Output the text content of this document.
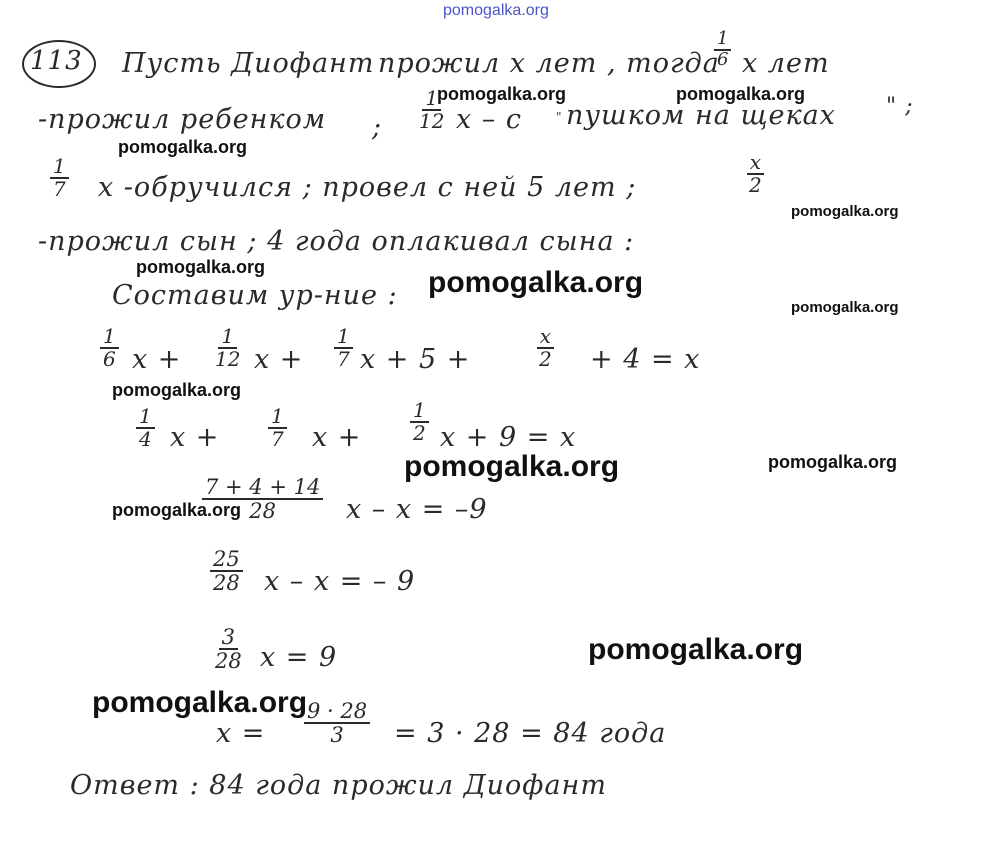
pomogalka.org
pomogalka.org	pomogalka.org
pomogalka.org
pomogalka.org
pomogalka.org	pomogalka.org
pomogalka.org
pomogalka.org
pomogalka.org	pomogalka.org
pomogalka.org
pomogalka.org
pomogalka.org
113 Пусть Диофант прожил x лет , тогда
$\frac{1}{6}$ x лет
-прожил ребенком ; $\frac{1}{12}$ x – с	" пушком на щеках " ;
$\frac{1}{7}$ x -обручился ; провел с ней 5 лет ;	$\frac{x}{2}$
-прожил сын ; 4 года оплакивал сына :
Составим ур-ние :
$\frac{1}{6}$ $x + \frac{1}{12}$ $x + \frac{1}{7}$ x + 5 +	$\frac{x}{2} + 4 = x$
$\frac{1}{4}$ $x + \frac{1}{7}$ $x + \frac{1}{2}$ x + 9 = x
$\frac{7 + 4 + 14}{28}$ x – x = –9
$\frac{25}{28}$ x – x = – 9
$\frac{3}{28}$ x = 9
$x = \frac{9 \cdot 28}{3} = 3 \cdot 28 = 84$ года
Ответ : 84 года прожил Диофант
